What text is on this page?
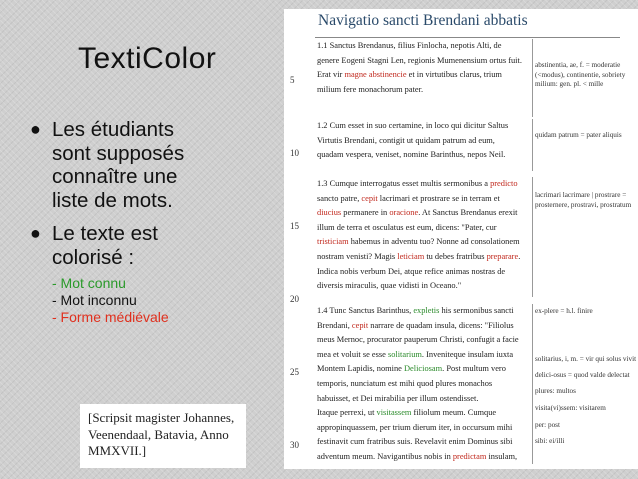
TextiColor
● Les étudiants
sont supposés
connaître une
liste de mots.
● Le texte est
colorisé :
- Mot connu
- Mot inconnu
- Forme médiévale
[Scripsit magister Johannes,
Veenendaal, Batavia, Anno
MMXVII.]
Navigatio sancti Brendani abbatis
1.1 Sanctus Brendanus, filius Finlocha, nepotis Alti, de
genere Eogeni Stagni Len, regionis Mumenensium ortus fuit.
Erat vir magne abstinencie et in virtutibus clarus, trium
milium fere monachorum pater.
1.2 Cum esset in suo certamine, in loco qui dicitur Saltus
Virtutis Brendani, contigit ut quidam patrum ad eum,
quadam vespera, veniset, nomine Barinthus, nepos Neil.
1.3 Cumque interrogatus esset multis sermonibus a predicto
sancto patre, cepit lacrimari et prostrare se in terram et
diucius permanere in oracione. At Sanctus Brendanus erexit
illum de terra et osculatus est eum, dicens: "Pater, cur
tristiciam habemus in adventu tuo? Nonne ad consolationem
nostram venisti? Magis leticiam tu debes fratribus preparare.
Indica nobis verbum Dei, atque refice animas nostras de
diversis miraculis, quae vidisti in Oceano."
1.4 Tunc Sanctus Barinthus, expletis his sermonibus sancti
Brendani, cepit narrare de quadam insula, dicens: "Filiolus
meus Mernoc, procurator pauperum Christi, confugit a facie
mea et voluit se esse solitarium. Inveniteque insulam iuxta
Montem Lapidis, nomine Deliciosam. Post multum vero
temporis, nunciatum est mihi quod plures monachos
habuisset, et Dei mirabilia per illum ostendisset.
Itaque perrexi, ut visitassem filiolum meum. Cumque
appropinquassem, per trium dierum iter, in occursum mihi
festinavit cum fratribus suis. Revelavit enim Dominus sibi
adventum meum. Navigantibus nobis in predictam insulam,
5
10
15
20
25
30
abstinentia, ae, f. = moderatie
(<modus), continentie, sobriety
milium: gen. pl. < mille
quidam patrum = pater aliquis
lacrimari lacrimare | prostrare =
prosternere, prostravi, prostratum
ex-plere = h.l. finire
solitarius, i, m. = vir qui solus vivit
delici-osus = quod valde delectat
plures: multos
visita(vi)ssem: visitarem
per: post
sibi: ei/illi
